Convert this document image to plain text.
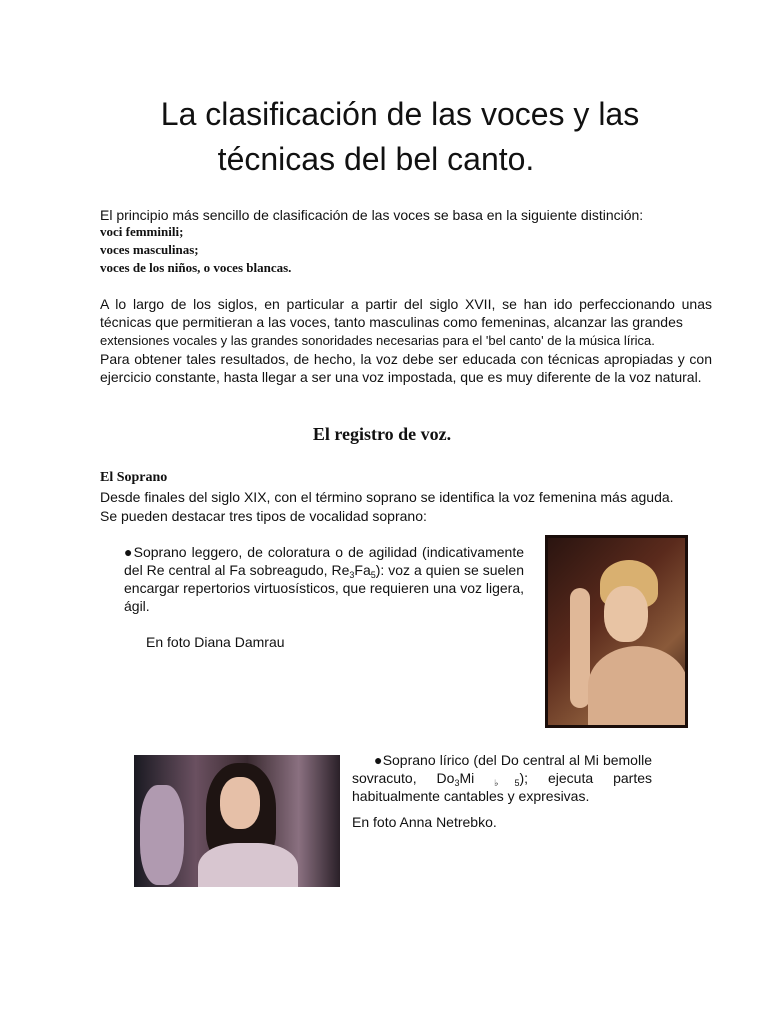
La clasificación de las voces y las

técnicas del bel canto.

El principio más sencillo de clasificación de las voces se basa en la siguiente distinción:

voci femminili;

voces masculinas;

voces de los niños, o voces blancas.

A lo largo de los siglos, en particular a partir del siglo XVII, se han ido perfeccionando unas técnicas que permitieran a las voces, tanto masculinas como femeninas, alcanzar las grandes

extensiones vocales y las grandes sonoridades necesarias para el 'bel canto' de la música lírica.

Para obtener tales resultados, de hecho, la voz debe ser educada con técnicas apropiadas y con ejercicio constante, hasta llegar a ser una voz impostada, que es muy diferente de la voz natural.

El registro de voz.
El Soprano

Desde finales del siglo XIX, con el término soprano se identifica la voz femenina más aguda.

Se pueden destacar tres tipos de vocalidad soprano:

●Soprano leggero, de coloratura o de agilidad (indicativamente del Re central al Fa sobreagudo, $Re_3Fa_5$): voz a quien se suelen encargar repertorios virtuosísticos, que requieren una voz ligera, ágil.
En foto Diana Damrau
●Soprano lírico (del Do central al Mi bemolle sovracuto, $Do_3Mi$ $_{♭5}$); ejecuta partes habitualmente cantables y expresivas.
En foto Anna Netrebko.
